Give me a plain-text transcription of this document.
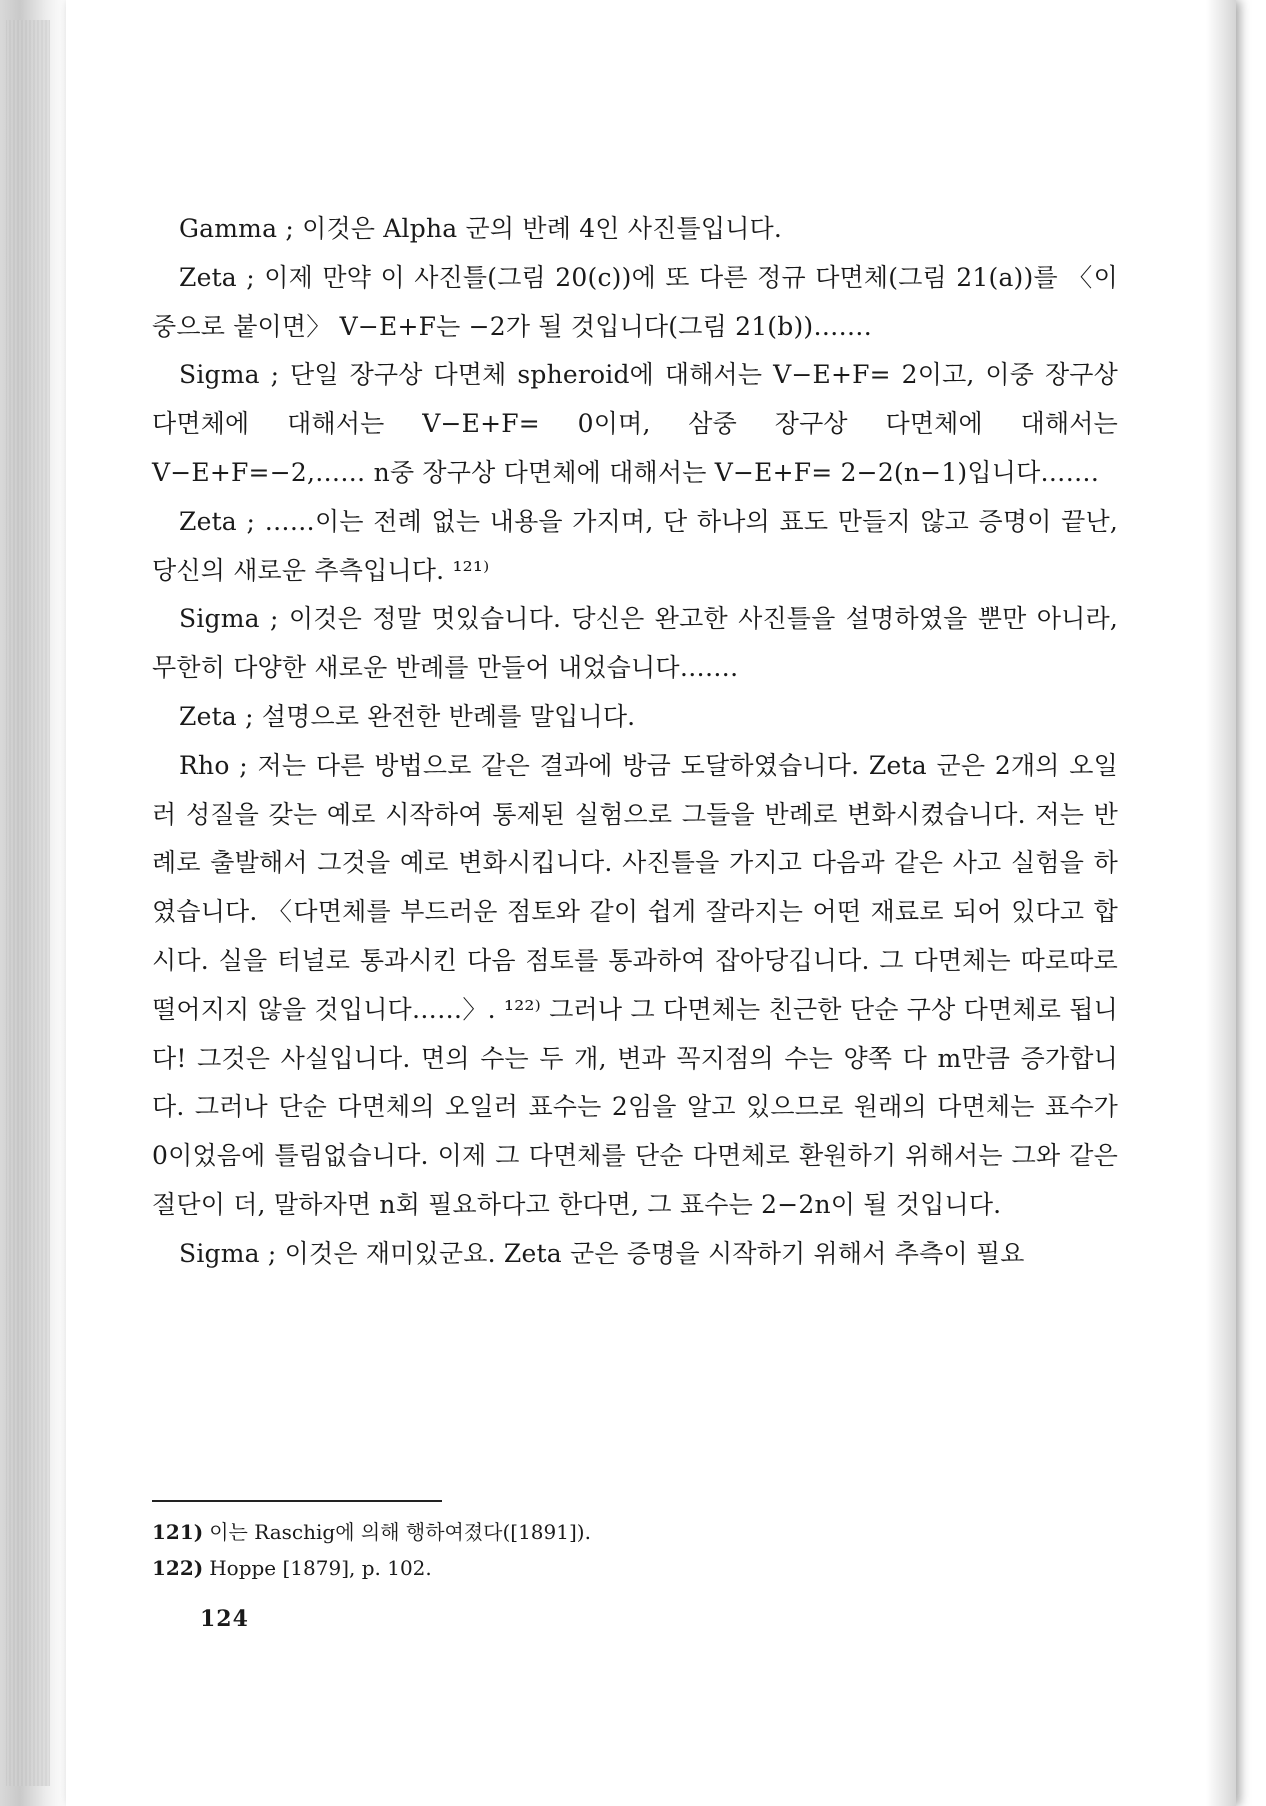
Gamma ; 이것은 Alpha 군의 반례 4인 사진틀입니다.

Zeta ; 이제 만약 이 사진틀(그림 20(c))에 또 다른 정규 다면체(그림 21(a))를 〈이중으로 붙이면〉 V−E+F는 −2가 될 것입니다(그림 21(b))…….

Sigma ; 단일 장구상 다면체 spheroid에 대해서는 V−E+F= 2이고, 이중 장구상 다면체에 대해서는 V−E+F= 0이며, 삼중 장구상 다면체에 대해서는 V−E+F=−2,…… n중 장구상 다면체에 대해서는 V−E+F= 2−2(n−1)입니다…….

Zeta ; ……이는 전례 없는 내용을 가지며, 단 하나의 표도 만들지 않고 증명이 끝난, 당신의 새로운 추측입니다. ¹²¹⁾

Sigma ; 이것은 정말 멋있습니다. 당신은 완고한 사진틀을 설명하였을 뿐만 아니라, 무한히 다양한 새로운 반례를 만들어 내었습니다…….

Zeta ; 설명으로 완전한 반례를 말입니다.

Rho ; 저는 다른 방법으로 같은 결과에 방금 도달하였습니다. Zeta 군은 2개의 오일러 성질을 갖는 예로 시작하여 통제된 실험으로 그들을 반례로 변화시켰습니다. 저는 반례로 출발해서 그것을 예로 변화시킵니다. 사진틀을 가지고 다음과 같은 사고 실험을 하였습니다. 〈다면체를 부드러운 점토와 같이 쉽게 잘라지는 어떤 재료로 되어 있다고 합시다. 실을 터널로 통과시킨 다음 점토를 통과하여 잡아당깁니다. 그 다면체는 따로따로 떨어지지 않을 것입니다……〉. ¹²²⁾ 그러나 그 다면체는 친근한 단순 구상 다면체로 됩니다! 그것은 사실입니다. 면의 수는 두 개, 변과 꼭지점의 수는 양쪽 다 m만큼 증가합니다. 그러나 단순 다면체의 오일러 표수는 2임을 알고 있으므로 원래의 다면체는 표수가 0이었음에 틀림없습니다. 이제 그 다면체를 단순 다면체로 환원하기 위해서는 그와 같은 절단이 더, 말하자면 n회 필요하다고 한다면, 그 표수는 2−2n이 될 것입니다.

Sigma ; 이것은 재미있군요. Zeta 군은 증명을 시작하기 위해서 추측이 필요

121) 이는 Raschig에 의해 행하여졌다([1891]).

122) Hoppe [1879], p. 102.

124
